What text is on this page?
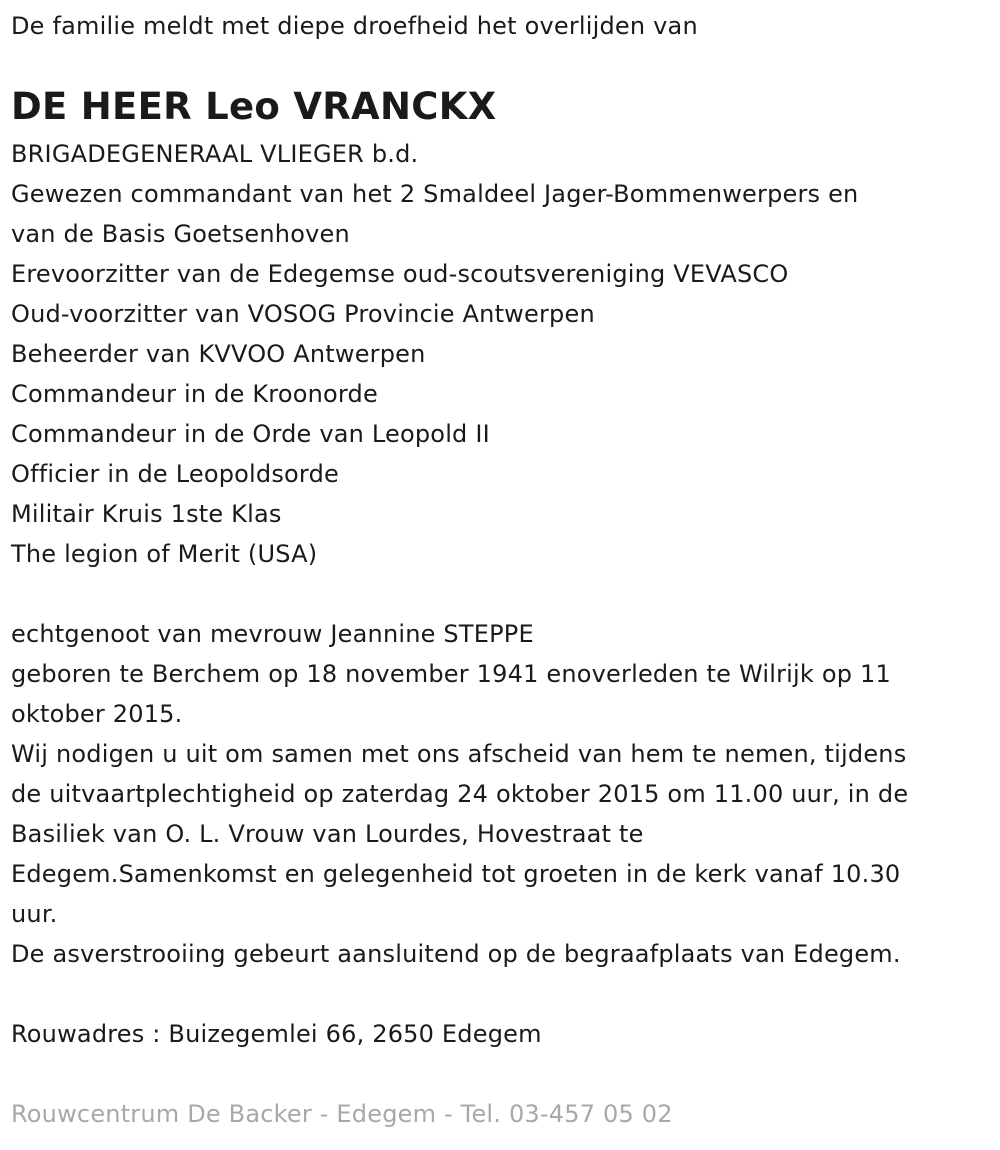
De familie meldt met diepe droefheid het overlijden van
DE HEER Leo VRANCKX
BRIGADEGENERAAL VLIEGER b.d.
Gewezen commandant van het 2 Smaldeel Jager-Bommenwerpers en
van de Basis Goetsenhoven
Erevoorzitter van de Edegemse oud-scoutsvereniging VEVASCO
Oud-voorzitter van VOSOG Provincie Antwerpen
Beheerder van KVVOO Antwerpen
Commandeur in de Kroonorde
Commandeur in de Orde van Leopold II
Officier in de Leopoldsorde
Militair Kruis 1ste Klas
The legion of Merit (USA)
echtgenoot van mevrouw Jeannine STEPPE
geboren te Berchem op 18 november 1941 enoverleden te Wilrijk op 11
oktober 2015.
Wij nodigen u uit om samen met ons afscheid van hem te nemen, tijdens
de uitvaartplechtigheid op zaterdag 24 oktober 2015 om 11.00 uur, in de
Basiliek van O. L. Vrouw van Lourdes, Hovestraat te
Edegem.Samenkomst en gelegenheid tot groeten in de kerk vanaf 10.30
uur.
De asverstrooiing gebeurt aansluitend op de begraafplaats van Edegem.
Rouwadres : Buizegemlei 66, 2650 Edegem
Rouwcentrum De Backer - Edegem - Tel. 03-457 05 02
